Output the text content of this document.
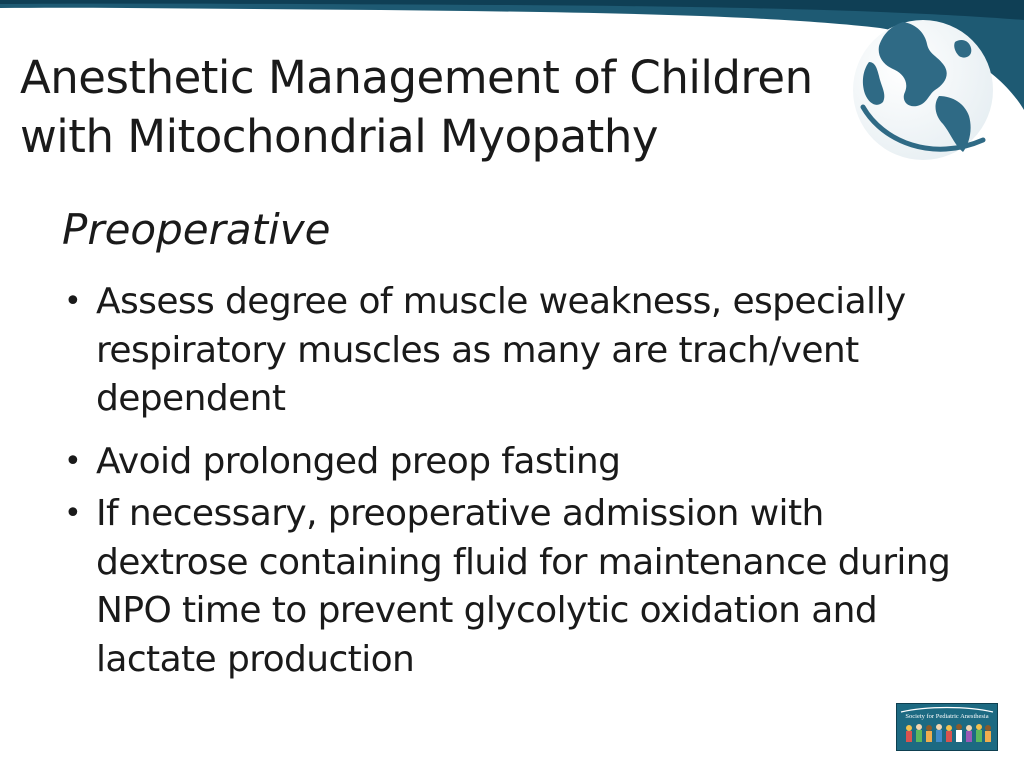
Anesthetic Management of Children
with Mitochondrial Myopathy
Preoperative
• Assess degree of muscle weakness, especially
respiratory muscles as many are trach/vent
dependent
• Avoid prolonged preop fasting
• If necessary, preoperative admission with
dextrose containing fluid for maintenance during
NPO time to prevent glycolytic oxidation and
lactate production
Society for Pediatric Anesthesia
